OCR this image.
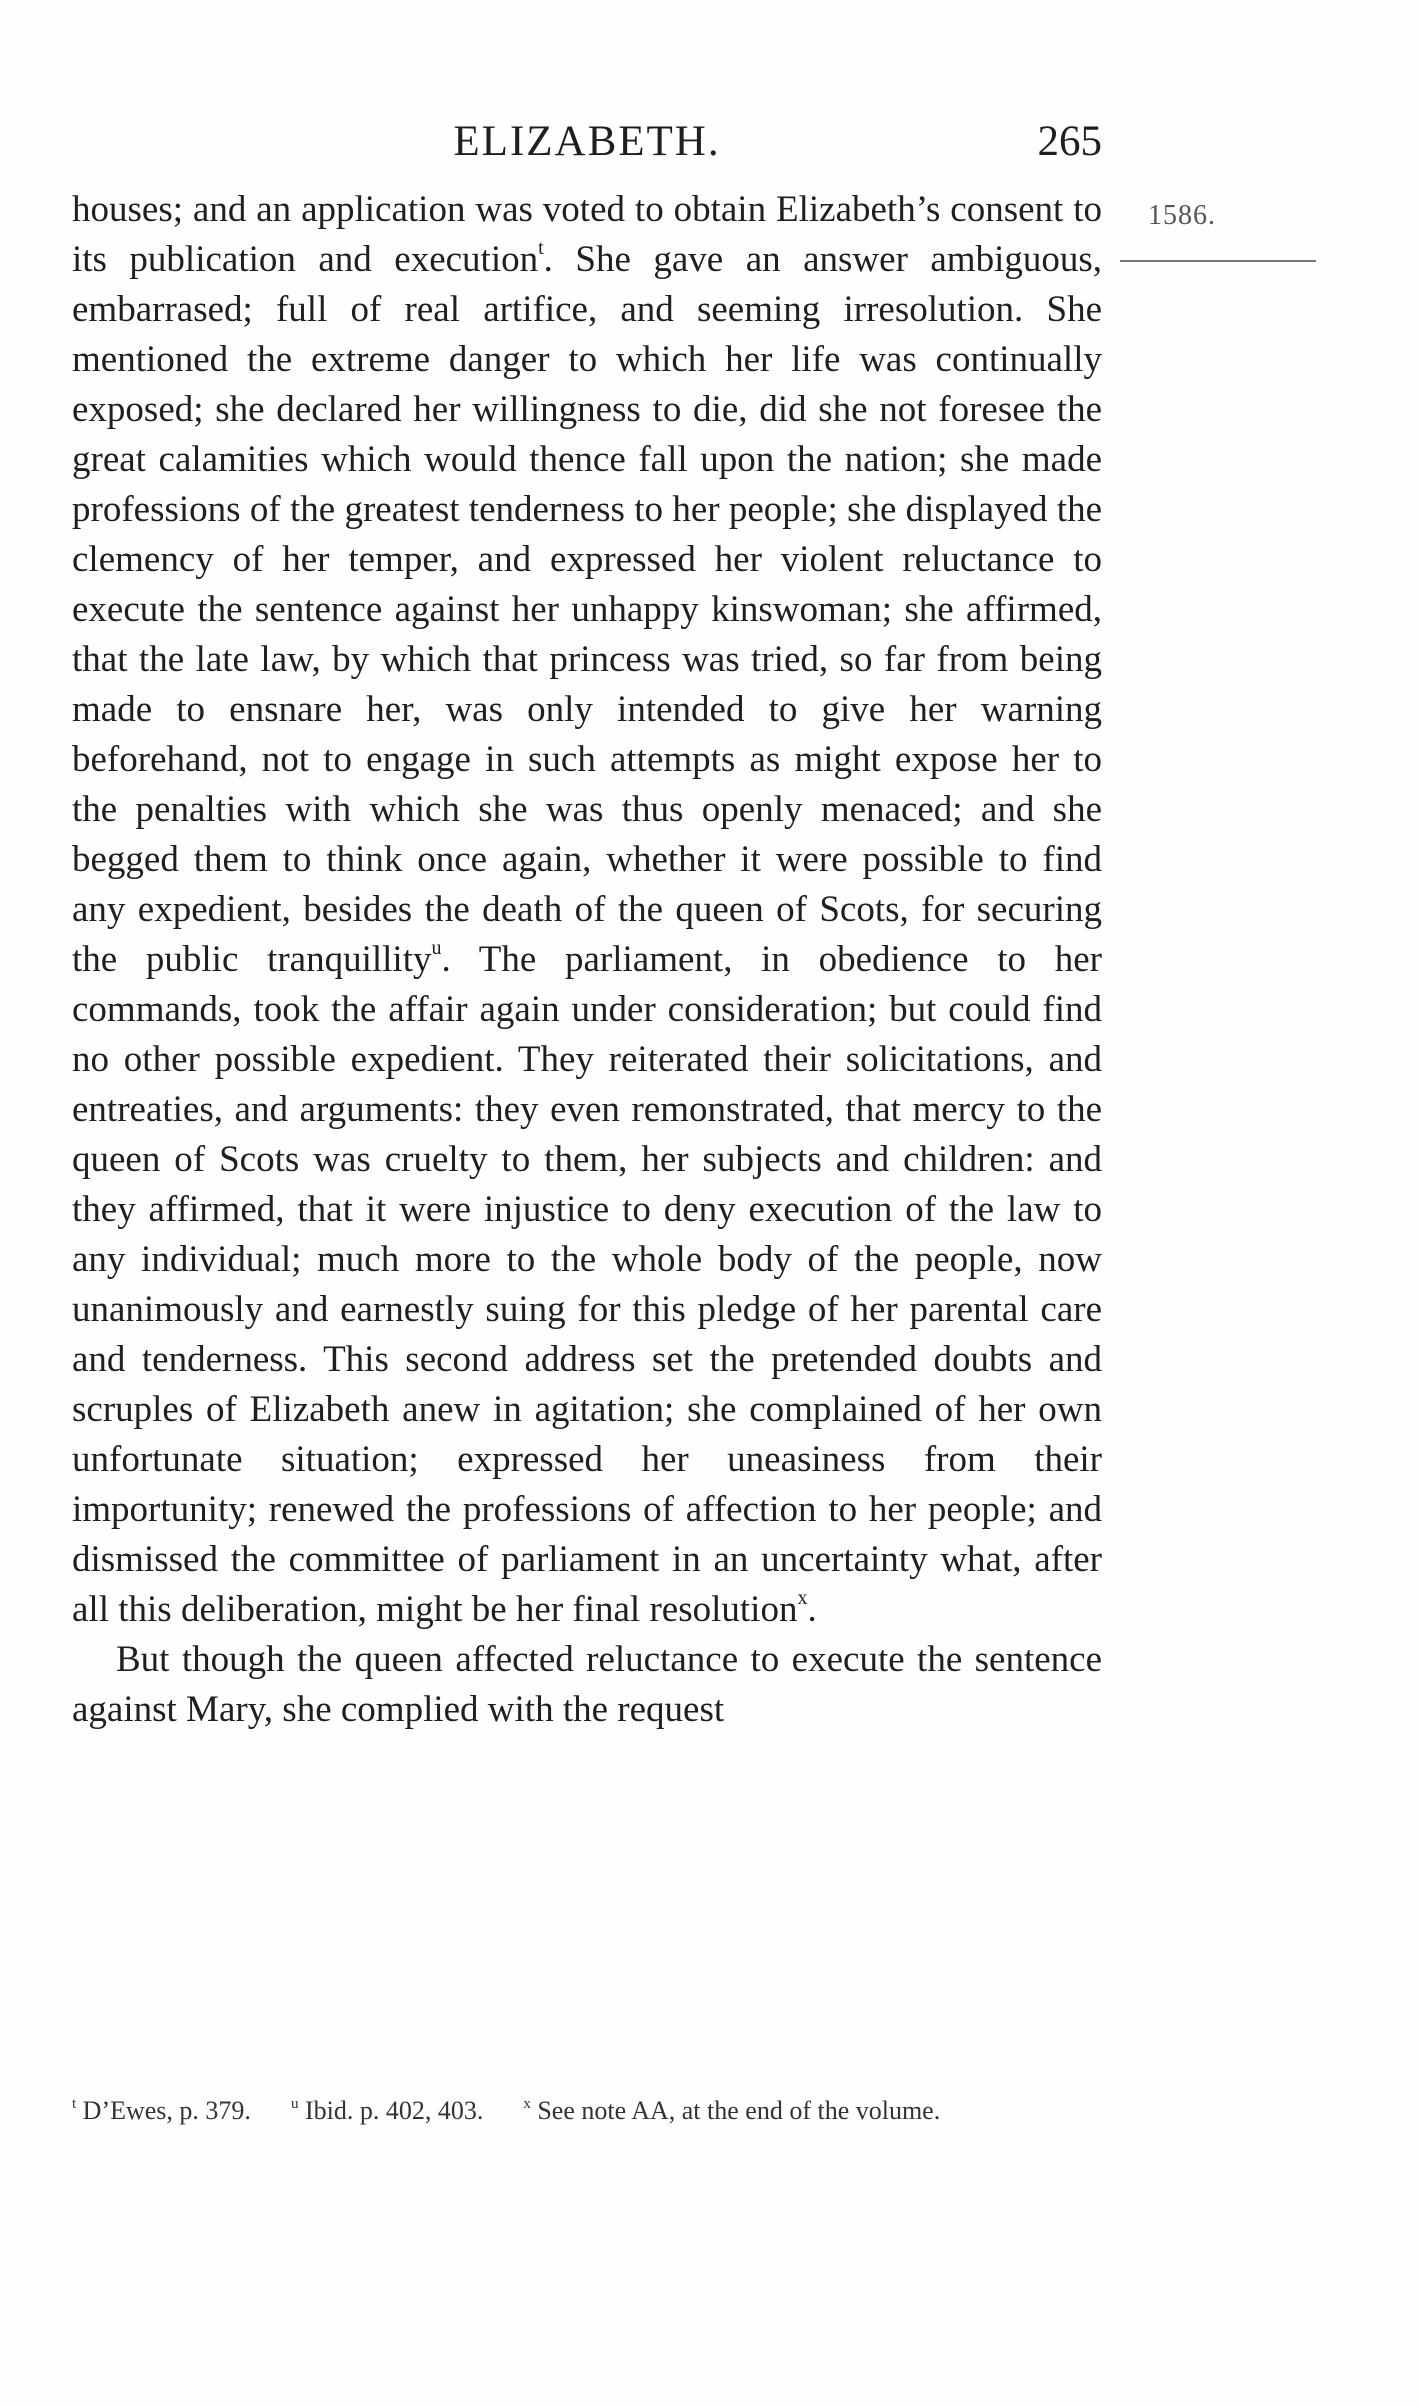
ELIZABETH.	265
1586.

houses; and an application was voted to obtain Elizabeth’s consent to its publication and execution$^t$. She gave an answer ambiguous, embarrased; full of real artifice, and seeming irresolution. She mentioned the extreme danger to which her life was continually exposed; she declared her willingness to die, did she not foresee the great calamities which would thence fall upon the nation; she made professions of the greatest tenderness to her people; she displayed the clemency of her temper, and expressed her violent reluctance to execute the sentence against her unhappy kinswoman; she affirmed, that the late law, by which that princess was tried, so far from being made to ensnare her, was only intended to give her warning beforehand, not to engage in such attempts as might expose her to the penalties with which she was thus openly menaced; and she begged them to think once again, whether it were possible to find any expedient, besides the death of the queen of Scots, for securing the public tranquillity$^u$. The parliament, in obedience to her commands, took the affair again under consideration; but could find no other possible expedient. They reiterated their solicitations, and entreaties, and arguments: they even remonstrated, that mercy to the queen of Scots was cruelty to them, her subjects and children: and they affirmed, that it were injustice to deny execution of the law to any individual; much more to the whole body of the people, now unanimously and earnestly suing for this pledge of her parental care and tenderness. This second address set the pretended doubts and scruples of Elizabeth anew in agitation; she complained of her own unfortunate situation; expressed her uneasiness from their importunity; renewed the professions of affection to her people; and dismissed the committee of parliament in an uncertainty what, after all this deliberation, might be her final resolution$^x$.

But though the queen affected reluctance to execute the sentence against Mary, she complied with the request

$^t$ D’Ewes, p. 379.	$^u$ Ibid. p. 402, 403.	$^x$ See note AA, at the end of the volume.
